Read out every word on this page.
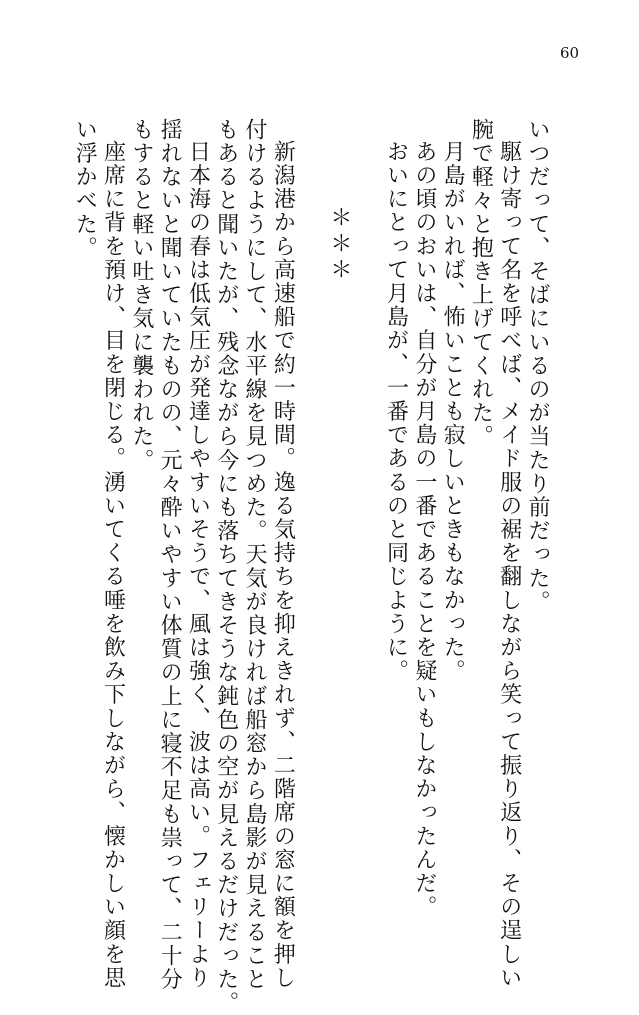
60
いつだって、そばにいるのが当たり前だった。
駆け寄って名を呼べば、メイド服の裾を翻しながら笑って振り返り、その逞しい
腕で軽々と抱き上げてくれた。
月島がいれば、怖いことも寂しいときもなかった。
あの頃のおいは、自分が月島の一番であることを疑いもしなかったんだ。
おいにとって月島が、一番であるのと同じように。

＊＊＊

新潟港から高速船で約一時間。逸る気持ちを抑えきれず、二階席の窓に額を押し
付けるようにして、水平線を見つめた。天気が良ければ船窓から島影が見えること
もあると聞いたが、残念ながら今にも落ちてきそうな鈍色の空が見えるだけだった。
日本海の春は低気圧が発達しやすいそうで、風は強く、波は高い。フェリーより
揺れないと聞いていたものの、元々酔いやすい体質の上に寝不足も祟って、二十分
もすると軽い吐き気に襲われた。
座席に背を預け、目を閉じる。湧いてくる唾を飲み下しながら、懐かしい顔を思
い浮かべた。
